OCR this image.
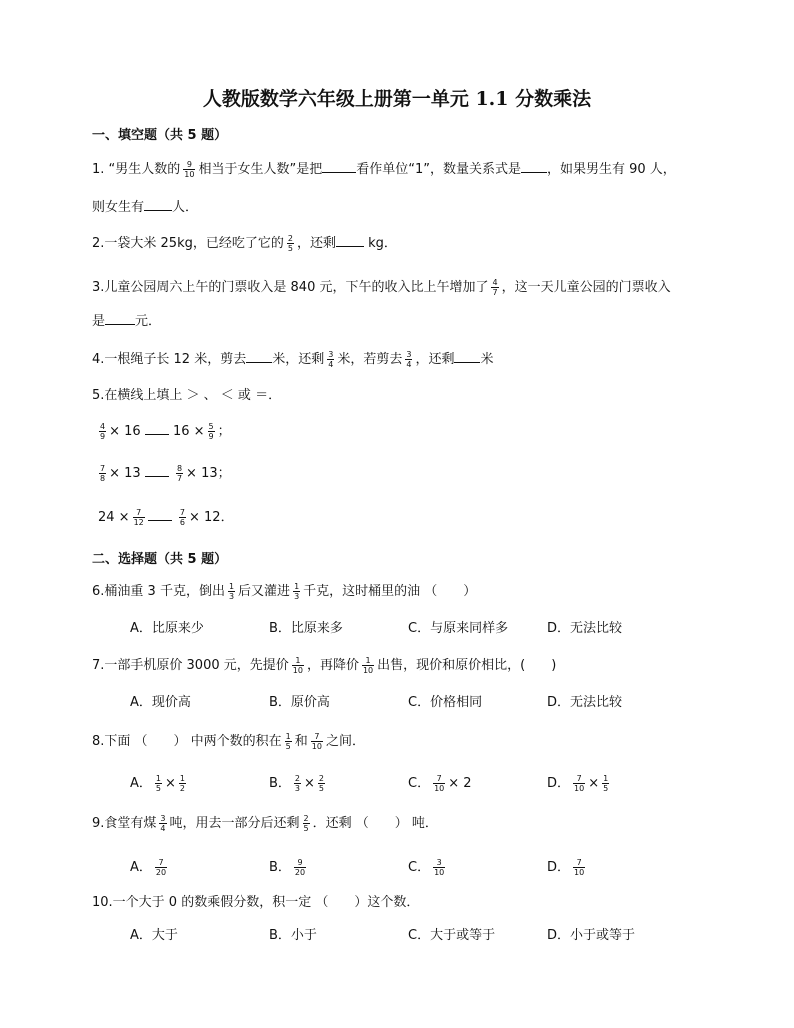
人教版数学六年级上册第一单元 1.1 分数乘法
一、填空题（共 5 题）
1. “男生人数的 $\frac{9}{10}$ 相当于女生人数”是把	看作单位“1”，数量关系式是 ，如果男生有 90 人，
则女生有 人．
2.一袋大米 25kg，已经吃了它的 $\frac{2}{5}$ ，还剩 kg．
3.儿童公园周六上午的门票收入是 840 元，下午的收入比上午增加了 $\frac{4}{7}$ ，这一天儿童公园的门票收入
是 元．
4.一根绳子长 12 米，剪去 米，还剩 $\frac{3}{4}$ 米，若剪去 $\frac{3}{4}$ ，还剩 米
5.在横线上填上 ＞ 、 ＜ 或 ＝．
$\frac{4}{9} \times 16$ $16 \times \frac{5}{9}$ ；
$\frac{7}{8} \times 13$	$\frac{8}{7} \times 13$；
$24 \times \frac{7}{12}$
	$\frac{7}{6} \times 12$．
二、选择题（共 5 题）
6.桶油重 3 千克，倒出 $\frac{1}{3}$ 后又灌进 $\frac{1}{3}$ 千克，这时桶里的油 （　　）
A．比原来少	B．比原来多	C．与原来同样多	D．无法比较
7.一部手机原价 3000 元，先提价 $\frac{1}{10}$ ，再降价 $\frac{1}{10}$ 出售，现价和原价相比，(　　)
A．现价高	B．原价高	C．价格相同	D．无法比较
8.下面 （　　） 中两个数的积在 $\frac{1}{5}$ 和 $\frac{7}{10}$ 之间．
A． $\frac{1}{5} \times \frac{1}{2}$	B． $\frac{2}{3} \times \frac{2}{5}$	C． $\frac{7}{10} \times 2$	D． $\frac{7}{10} \times \frac{1}{5}$
9.食堂有煤 $\frac{3}{4}$ 吨，用去一部分后还剩 $\frac{2}{5}$ ．还剩 （　　） 吨．
A． $\frac{7}{20}$	B． $\frac{9}{20}$	C． $\frac{3}{10}$	D． $\frac{7}{10}$
10.一个大于 0 的数乘假分数，积一定 （　　）这个数．
A．大于	B．小于	C．大于或等于	D．小于或等于
